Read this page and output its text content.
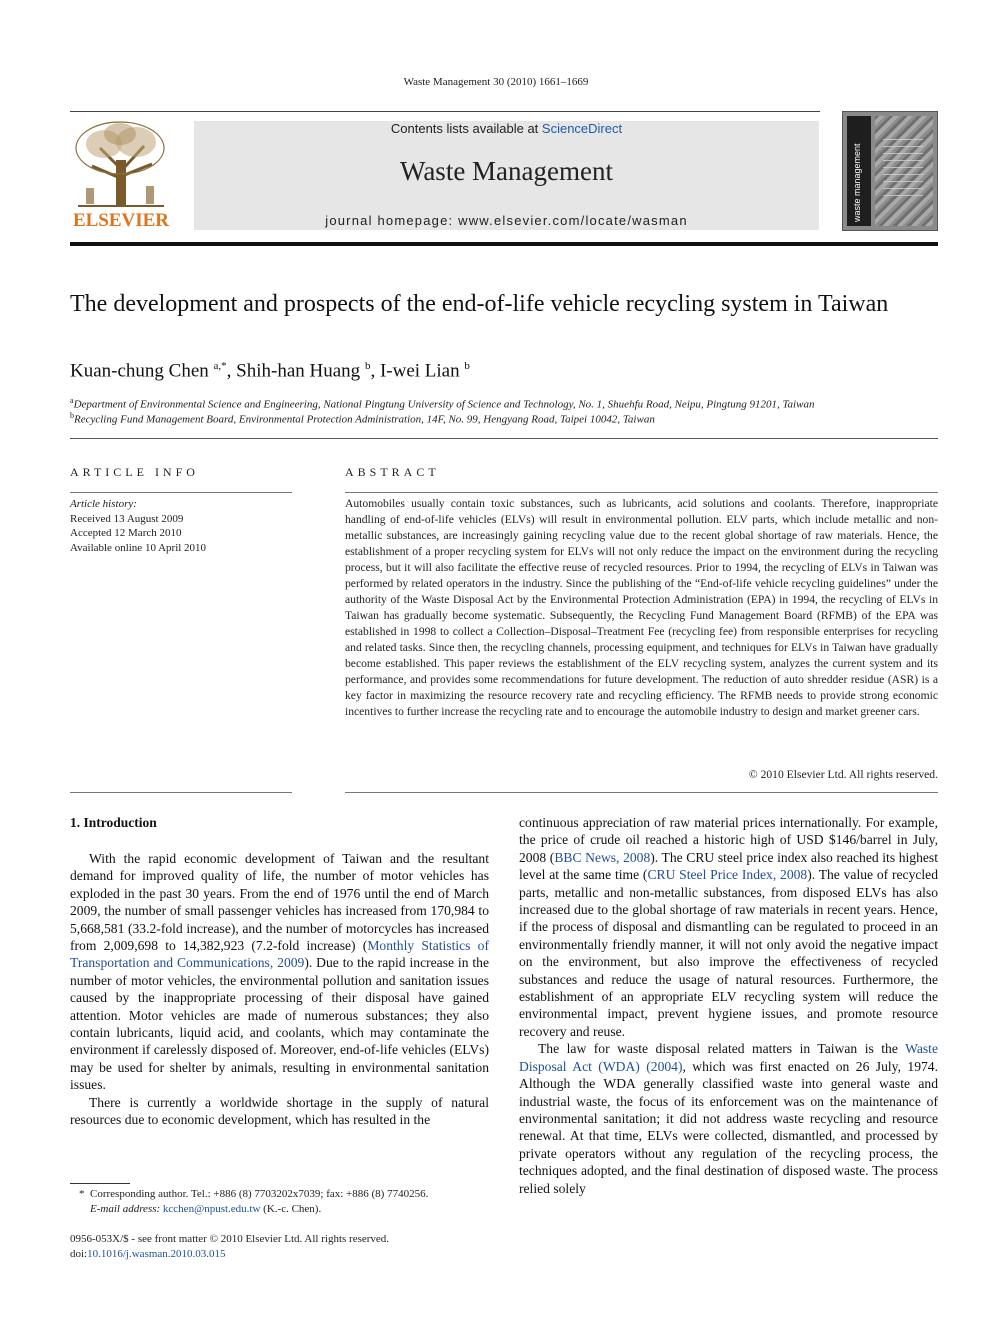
Waste Management 30 (2010) 1661–1669
ELSEVIER
Contents lists available at ScienceDirect
Waste Management
journal homepage: www.elsevier.com/locate/wasman	waste management
The development and prospects of the end-of-life vehicle recycling system in Taiwan
Kuan-chung Chen $^{a,*}$, Shih-han Huang $^b$, I-wei Lian $^b$
$^a$Department of Environmental Science and Engineering, National Pingtung University of Science and Technology, No. 1, Shuehfu Road, Neipu, Pingtung 91201, Taiwan
$^b$Recycling Fund Management Board, Environmental Protection Administration, 14F, No. 99, Hengyang Road, Taipei 10042, Taiwan
ARTICLE INFO	ABSTRACT
Article history:
Received 13 August 2009
Accepted 12 March 2010
Available online 10 April 2010
Automobiles usually contain toxic substances, such as lubricants, acid solutions and coolants. Therefore, inappropriate handling of end-of-life vehicles (ELVs) will result in environmental pollution. ELV parts, which include metallic and non-metallic substances, are increasingly gaining recycling value due to the recent global shortage of raw materials. Hence, the establishment of a proper recycling system for ELVs will not only reduce the impact on the environment during the recycling process, but it will also facilitate the effective reuse of recycled resources. Prior to 1994, the recycling of ELVs in Taiwan was performed by related operators in the industry. Since the publishing of the “End-of-life vehicle recycling guidelines” under the authority of the Waste Disposal Act by the Environmental Protection Administration (EPA) in 1994, the recycling of ELVs in Taiwan has gradually become systematic. Subsequently, the Recycling Fund Management Board (RFMB) of the EPA was established in 1998 to collect a Collection–Disposal–Treatment Fee (recycling fee) from responsible enterprises for recycling and related tasks. Since then, the recycling channels, processing equipment, and techniques for ELVs in Taiwan have gradually become established. This paper reviews the establishment of the ELV recycling system, analyzes the current system and its performance, and provides some recommendations for future development. The reduction of auto shredder residue (ASR) is a key factor in maximizing the resource recovery rate and recycling efficiency. The RFMB needs to provide strong economic incentives to further increase the recycling rate and to encourage the automobile industry to design and market greener cars.
© 2010 Elsevier Ltd. All rights reserved.
1. Introduction

With the rapid economic development of Taiwan and the resultant demand for improved quality of life, the number of motor vehicles has exploded in the past 30 years. From the end of 1976 until the end of March 2009, the number of small passenger vehicles has increased from 170,984 to 5,668,581 (33.2-fold increase), and the number of motorcycles has increased from 2,009,698 to 14,382,923 (7.2-fold increase) (Monthly Statistics of Transportation and Communications, 2009). Due to the rapid increase in the number of motor vehicles, the environmental pollution and sanitation issues caused by the inappropriate processing of their disposal have gained attention. Motor vehicles are made of numerous substances; they also contain lubricants, liquid acid, and coolants, which may contaminate the environment if carelessly disposed of. Moreover, end-of-life vehicles (ELVs) may be used for shelter by animals, resulting in environmental sanitation issues.

There is currently a worldwide shortage in the supply of natural resources due to economic development, which has resulted in the

continuous appreciation of raw material prices internationally. For example, the price of crude oil reached a historic high of USD $146/barrel in July, 2008 (BBC News, 2008). The CRU steel price index also reached its highest level at the same time (CRU Steel Price Index, 2008). The value of recycled parts, metallic and non-metallic substances, from disposed ELVs has also increased due to the global shortage of raw materials in recent years. Hence, if the process of disposal and dismantling can be regulated to proceed in an environmentally friendly manner, it will not only avoid the negative impact on the environment, but also improve the effectiveness of recycled substances and reduce the usage of natural resources. Furthermore, the establishment of an appropriate ELV recycling system will reduce the environmental impact, prevent hygiene issues, and promote resource recovery and reuse.

The law for waste disposal related matters in Taiwan is the Waste Disposal Act (WDA) (2004), which was first enacted on 26 July, 1974. Although the WDA generally classified waste into general waste and industrial waste, the focus of its enforcement was on the maintenance of environmental sanitation; it did not address waste recycling and resource renewal. At that time, ELVs were collected, dismantled, and processed by private operators without any regulation of the recycling process, the techniques adopted, and the final destination of disposed waste. The process relied solely

* Corresponding author. Tel.: +886 (8) 7703202x7039; fax: +886 (8) 7740256.
E-mail address: kcchen@npust.edu.tw (K.-c. Chen).
0956-053X/$ - see front matter © 2010 Elsevier Ltd. All rights reserved.
doi:10.1016/j.wasman.2010.03.015
